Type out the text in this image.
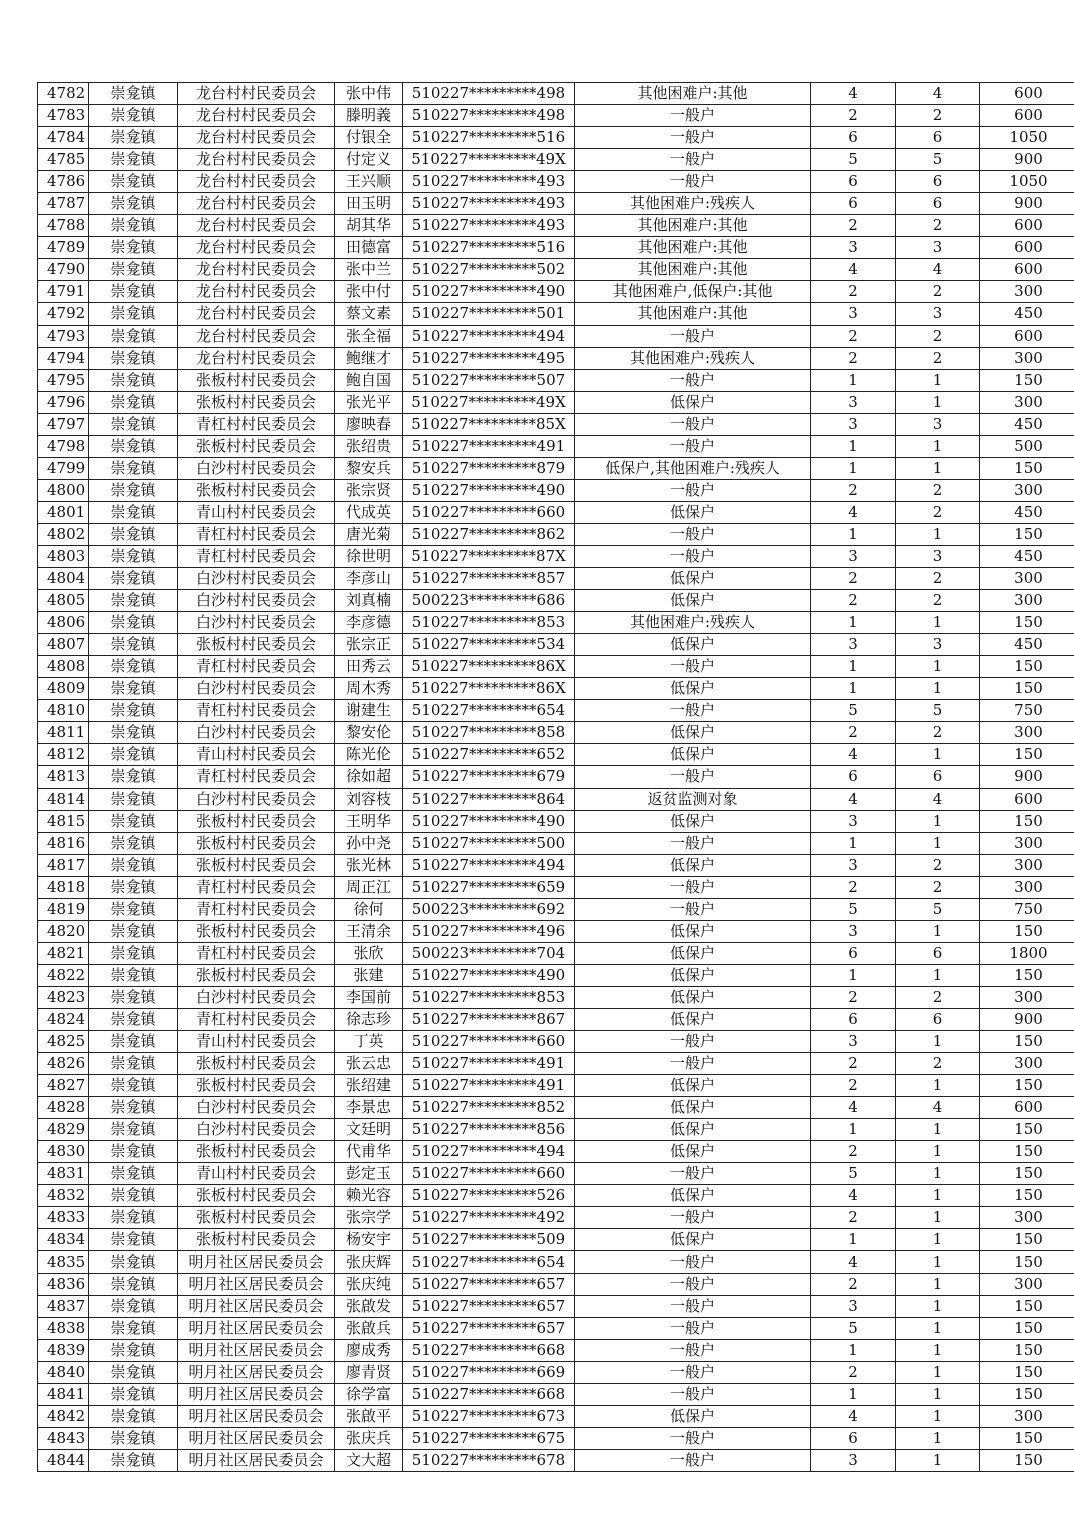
4782	崇龛镇	龙台村村民委员会	张中伟	510227*********498	其他困难户:其他	4	4	600
4783	崇龛镇	龙台村村民委员会	滕明義	510227*********498	一般户	2	2	600
4784	崇龛镇	龙台村村民委员会	付银全	510227*********516	一般户	6	6	1050
4785	崇龛镇	龙台村村民委员会	付定义	510227*********49X	一般户	5	5	900
4786	崇龛镇	龙台村村民委员会	王兴顺	510227*********493	一般户	6	6	1050
4787	崇龛镇	龙台村村民委员会	田玉明	510227*********493	其他困难户:残疾人	6	6	900
4788	崇龛镇	龙台村村民委员会	胡其华	510227*********493	其他困难户:其他	2	2	600
4789	崇龛镇	龙台村村民委员会	田德富	510227*********516	其他困难户:其他	3	3	600
4790	崇龛镇	龙台村村民委员会	张中兰	510227*********502	其他困难户:其他	4	4	600
4791	崇龛镇	龙台村村民委员会	张中付	510227*********490	其他困难户,低保户:其他	2	2	300
4792	崇龛镇	龙台村村民委员会	蔡文素	510227*********501	其他困难户:其他	3	3	450
4793	崇龛镇	龙台村村民委员会	张全福	510227*********494	一般户	2	2	600
4794	崇龛镇	龙台村村民委员会	鲍继才	510227*********495	其他困难户:残疾人	2	2	300
4795	崇龛镇	张板村村民委员会	鲍自国	510227*********507	一般户	1	1	150
4796	崇龛镇	张板村村民委员会	张光平	510227*********49X	低保户	3	1	300
4797	崇龛镇	青杠村村民委员会	廖映春	510227*********85X	一般户	3	3	450
4798	崇龛镇	张板村村民委员会	张绍贵	510227*********491	一般户	1	1	500
4799	崇龛镇	白沙村村民委员会	黎安兵	510227*********879	低保户,其他困难户:残疾人	1	1	150
4800	崇龛镇	张板村村民委员会	张宗贤	510227*********490	一般户	2	2	300
4801	崇龛镇	青山村村民委员会	代成英	510227*********660	低保户	4	2	450
4802	崇龛镇	青杠村村民委员会	唐光菊	510227*********862	一般户	1	1	150
4803	崇龛镇	青杠村村民委员会	徐世明	510227*********87X	一般户	3	3	450
4804	崇龛镇	白沙村村民委员会	李彦山	510227*********857	低保户	2	2	300
4805	崇龛镇	白沙村村民委员会	刘真楠	500223*********686	低保户	2	2	300
4806	崇龛镇	白沙村村民委员会	李彦德	510227*********853	其他困难户:残疾人	1	1	150
4807	崇龛镇	张板村村民委员会	张宗正	510227*********534	低保户	3	3	450
4808	崇龛镇	青杠村村民委员会	田秀云	510227*********86X	一般户	1	1	150
4809	崇龛镇	白沙村村民委员会	周木秀	510227*********86X	低保户	1	1	150
4810	崇龛镇	青杠村村民委员会	谢建生	510227*********654	一般户	5	5	750
4811	崇龛镇	白沙村村民委员会	黎安伦	510227*********858	低保户	2	2	300
4812	崇龛镇	青山村村民委员会	陈光伦	510227*********652	低保户	4	1	150
4813	崇龛镇	青杠村村民委员会	徐如超	510227*********679	一般户	6	6	900
4814	崇龛镇	白沙村村民委员会	刘容枝	510227*********864	返贫监测对象	4	4	600
4815	崇龛镇	张板村村民委员会	王明华	510227*********490	低保户	3	1	150
4816	崇龛镇	张板村村民委员会	孙中尧	510227*********500	一般户	1	1	300
4817	崇龛镇	张板村村民委员会	张光林	510227*********494	低保户	3	2	300
4818	崇龛镇	青杠村村民委员会	周正江	510227*********659	一般户	2	2	300
4819	崇龛镇	青杠村村民委员会	徐何	500223*********692	一般户	5	5	750
4820	崇龛镇	张板村村民委员会	王清余	510227*********496	低保户	3	1	150
4821	崇龛镇	青杠村村民委员会	张欣	500223*********704	低保户	6	6	1800
4822	崇龛镇	张板村村民委员会	张建	510227*********490	低保户	1	1	150
4823	崇龛镇	白沙村村民委员会	李国前	510227*********853	低保户	2	2	300
4824	崇龛镇	青杠村村民委员会	徐志珍	510227*********867	低保户	6	6	900
4825	崇龛镇	青山村村民委员会	丁英	510227*********660	一般户	3	1	150
4826	崇龛镇	张板村村民委员会	张云忠	510227*********491	一般户	2	2	300
4827	崇龛镇	张板村村民委员会	张绍建	510227*********491	低保户	2	1	150
4828	崇龛镇	白沙村村民委员会	李景忠	510227*********852	低保户	4	4	600
4829	崇龛镇	白沙村村民委员会	文廷明	510227*********856	低保户	1	1	150
4830	崇龛镇	张板村村民委员会	代甫华	510227*********494	低保户	2	1	150
4831	崇龛镇	青山村村民委员会	彭定玉	510227*********660	一般户	5	1	150
4832	崇龛镇	张板村村民委员会	赖光容	510227*********526	低保户	4	1	150
4833	崇龛镇	张板村村民委员会	张宗学	510227*********492	一般户	2	1	300
4834	崇龛镇	张板村村民委员会	杨安宇	510227*********509	低保户	1	1	150
4835	崇龛镇	明月社区居民委员会	张庆辉	510227*********654	一般户	4	1	150
4836	崇龛镇	明月社区居民委员会	张庆纯	510227*********657	一般户	2	1	300
4837	崇龛镇	明月社区居民委员会	张啟发	510227*********657	一般户	3	1	150
4838	崇龛镇	明月社区居民委员会	张啟兵	510227*********657	一般户	5	1	150
4839	崇龛镇	明月社区居民委员会	廖成秀	510227*********668	一般户	1	1	150
4840	崇龛镇	明月社区居民委员会	廖青贤	510227*********669	一般户	2	1	150
4841	崇龛镇	明月社区居民委员会	徐学富	510227*********668	一般户	1	1	150
4842	崇龛镇	明月社区居民委员会	张啟平	510227*********673	低保户	4	1	300
4843	崇龛镇	明月社区居民委员会	张庆兵	510227*********675	一般户	6	1	150
4844	崇龛镇	明月社区居民委员会	文大超	510227*********678	一般户	3	1	150
